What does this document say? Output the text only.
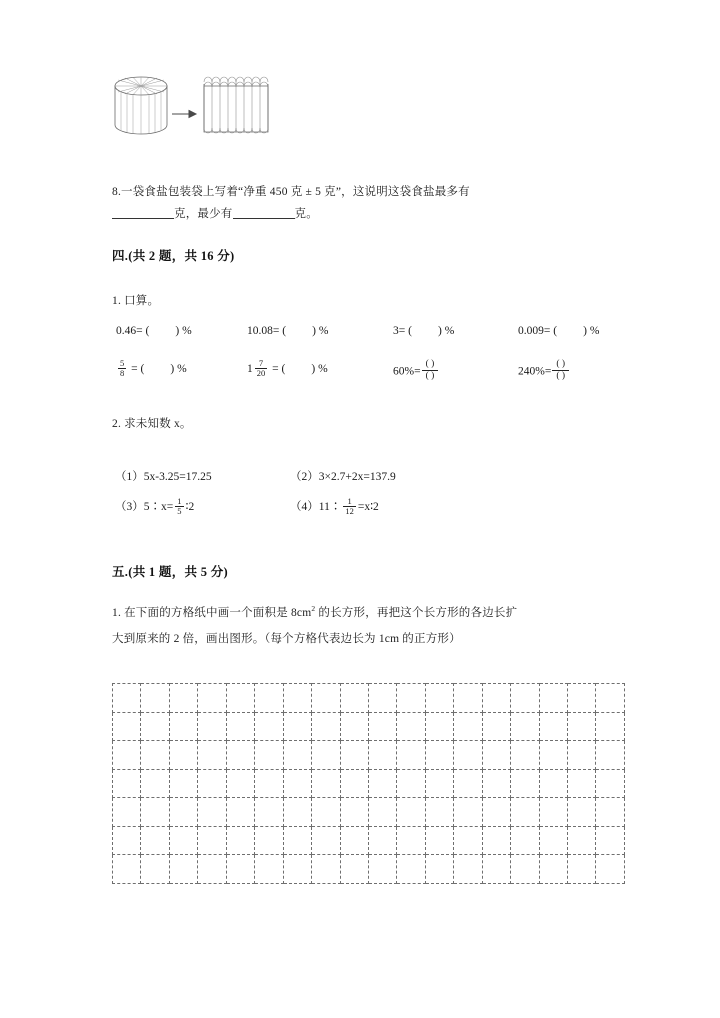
8.一袋食盐包装袋上写着“净重 450 克 ± 5 克”，这说明这袋食盐最多有
克，最少有	克。
四.(共 2 题，共 16 分)
1. 口算。
0.46= ( ) %	10.08= ( ) %	3= ( ) %	0.009= ( ) %
$\frac{5}{8}$ = ( ) %	$1 \frac{7}{20}$ = ( ) %	$60\%= \frac{( )}{( )}$	$240\%= \frac{( )}{( )}$
2. 求未知数 x。
（1）5x-3.25=17.25	（2）3×2.7+2x=137.9
（3）5∶x= $\frac{1}{5}$ ∶2	（4）11∶ $\frac{1}{12}$ =x∶2
五.(共 1 题，共 5 分)
1. 在下面的方格纸中画一个面积是 $8cm^2$ 的长方形，再把这个长方形的各边长扩
大到原来的 2 倍，画出图形。（每个方格代表边长为 1cm 的正方形）
